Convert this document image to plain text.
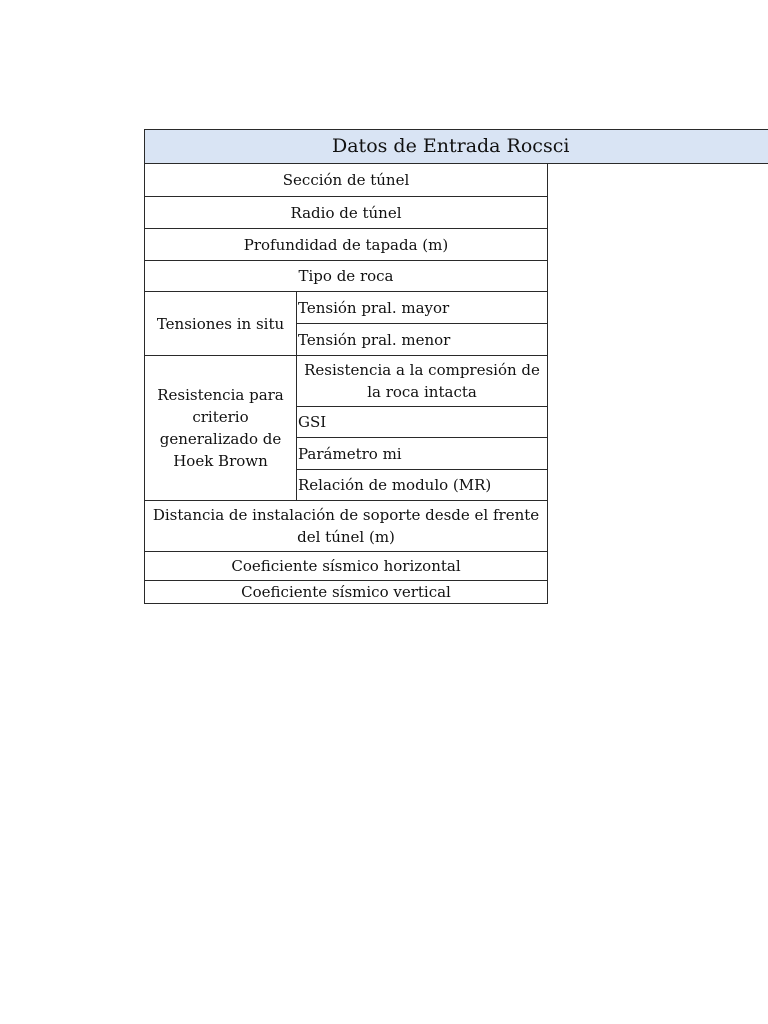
Datos de Entrada Rocsci
Sección de túnel	
Radio de túnel	
Profundidad de tapada (m)	
Tipo de roca	
Tensiones in situ	Tensión pral. mayor
	Tensión pral. menor
Resistencia para criterio generalizado de Hoek Brown	Resistencia a la compresión de la roca intacta
	GSI
	Parámetro mi
	Relación de modulo (MR)
Distancia de instalación de soporte desde el frente del túnel (m)	
Coeficiente sísmico horizontal	
Coeficiente sísmico vertical	
